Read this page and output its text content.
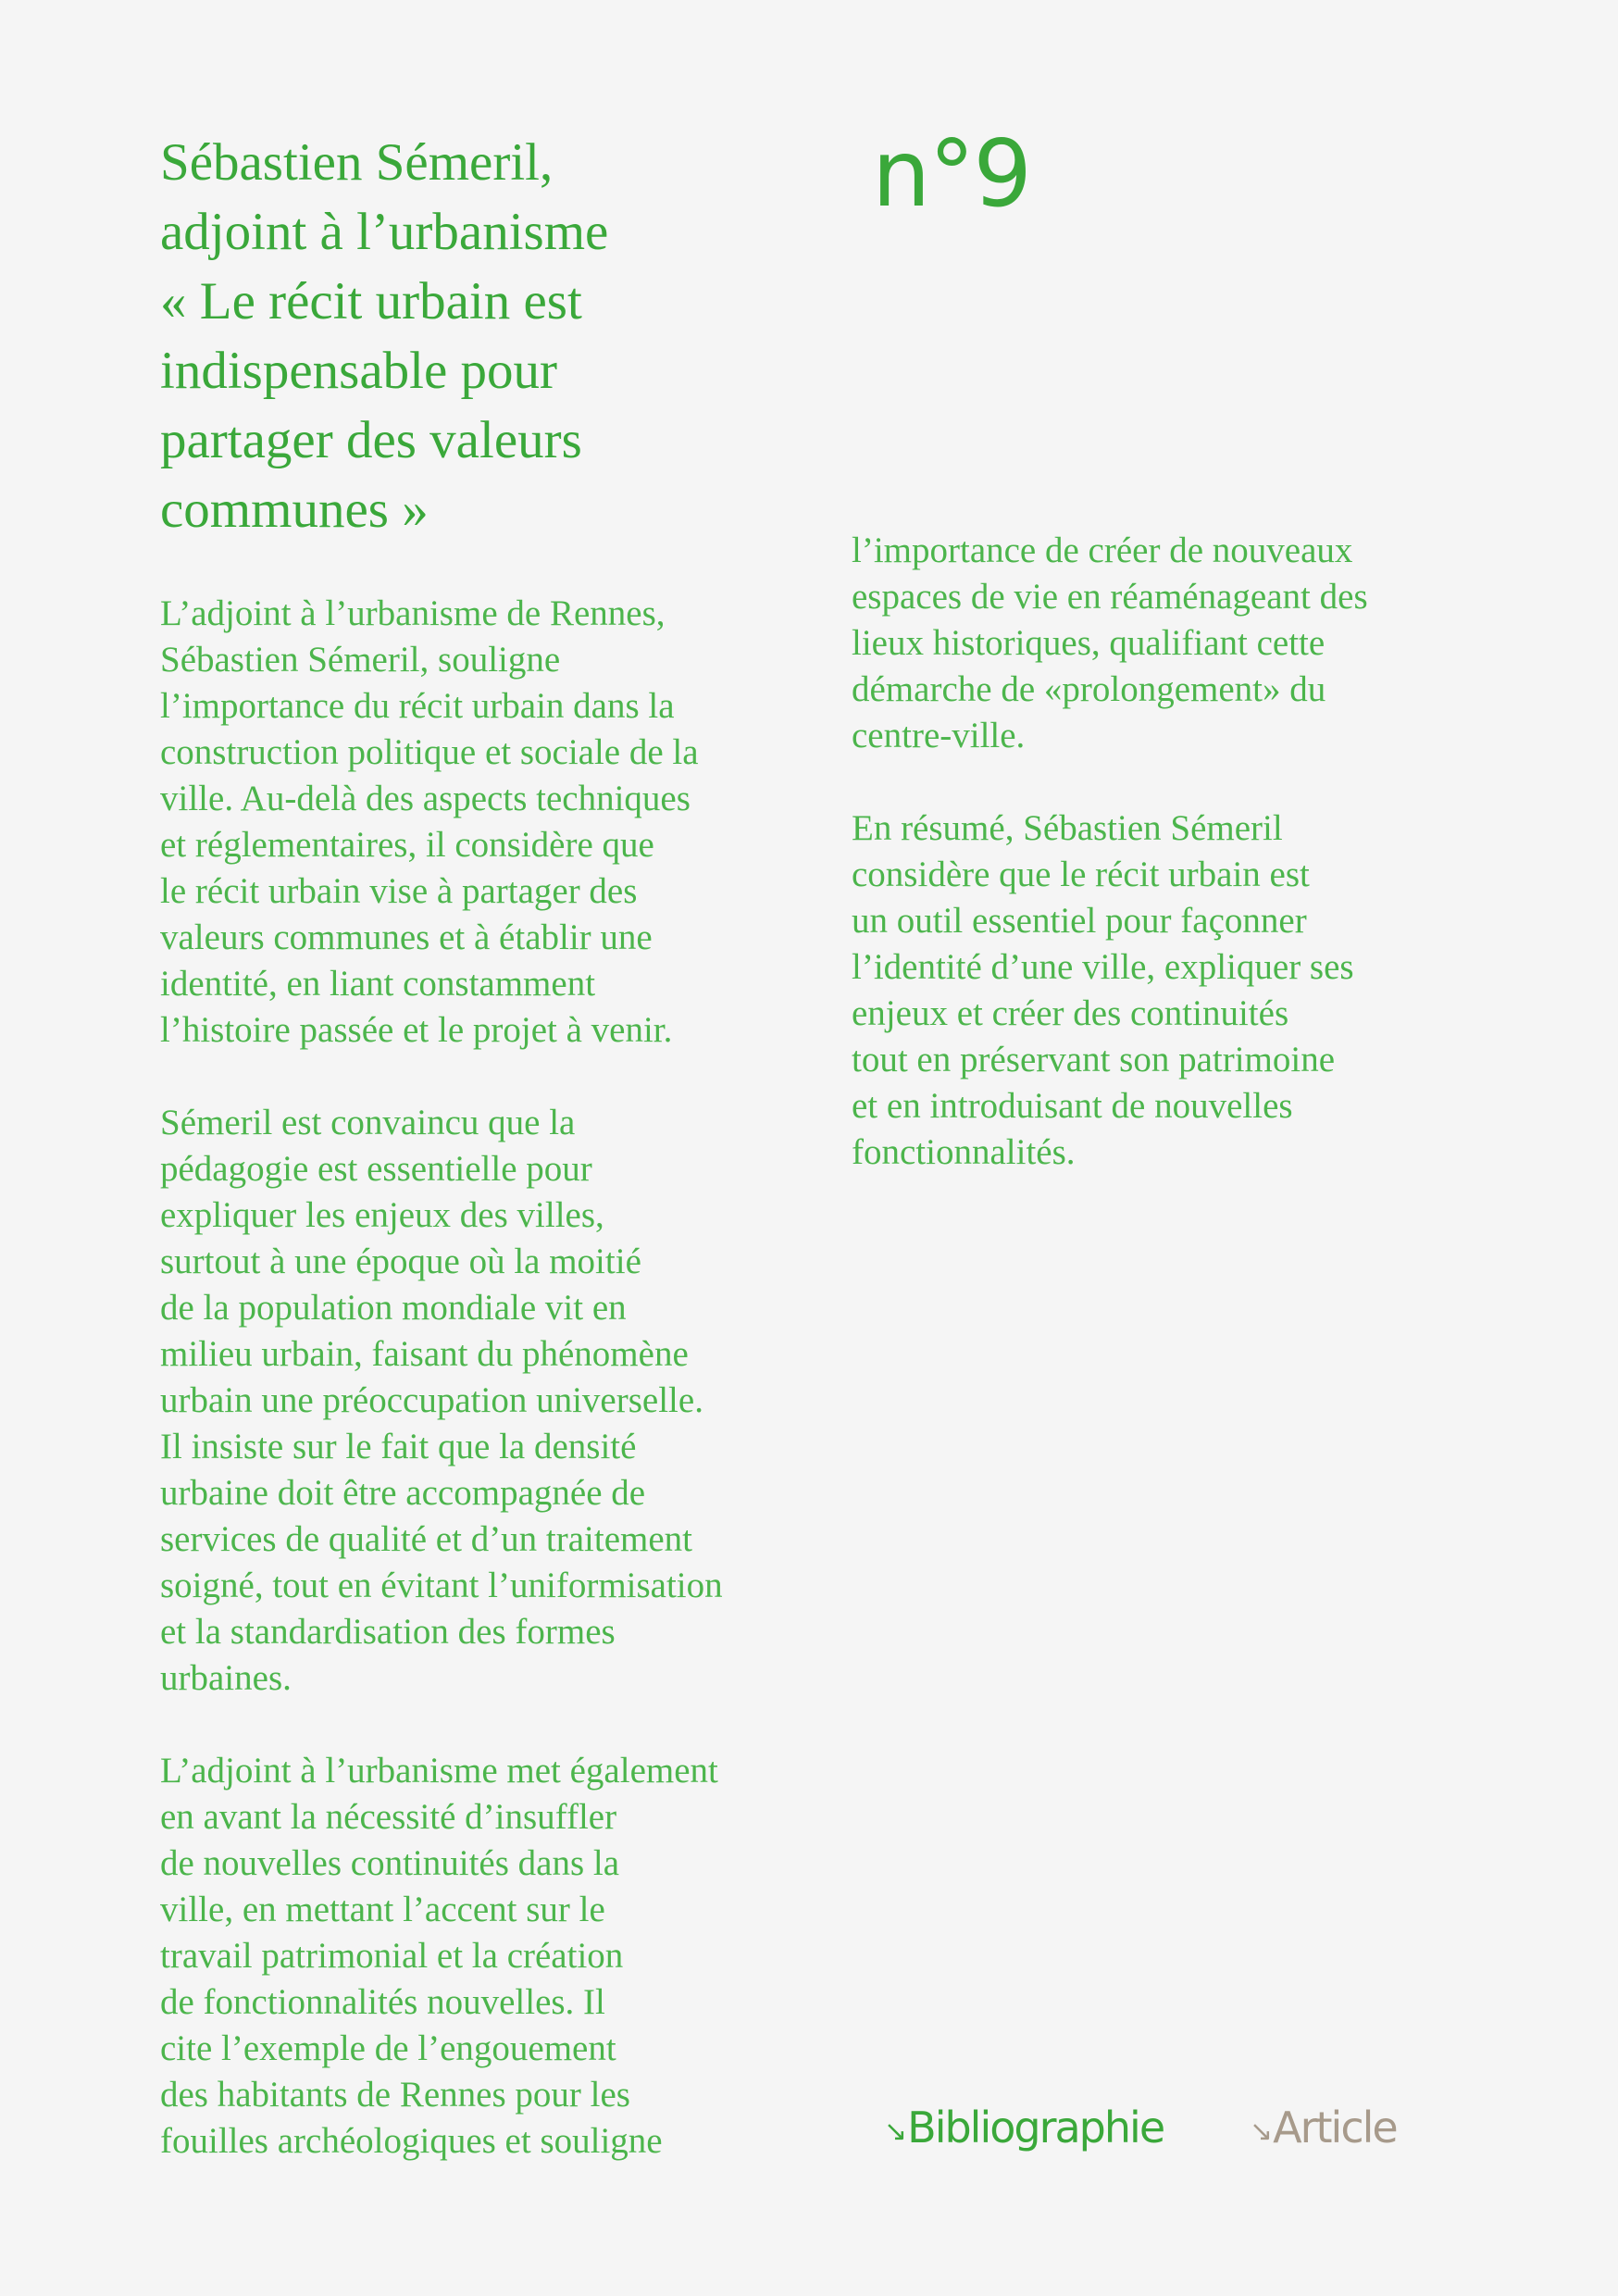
Sébastien Sémeril,
adjoint à l’urbanisme
« Le récit urbain est
indispensable pour
partager des valeurs
communes »
n°9

L’adjoint à l’urbanisme de Rennes,
Sébastien Sémeril, souligne
l’importance du récit urbain dans la
construction politique et sociale de la
ville. Au-delà des aspects techniques
et réglementaires, il considère que
le récit urbain vise à partager des
valeurs communes et à établir une
identité, en liant constamment
l’histoire passée et le projet à venir.

Sémeril est convaincu que la
pédagogie est essentielle pour
expliquer les enjeux des villes,
surtout à une époque où la moitié
de la population mondiale vit en
milieu urbain, faisant du phénomène
urbain une préoccupation universelle.
Il insiste sur le fait que la densité
urbaine doit être accompagnée de
services de qualité et d’un traitement
soigné, tout en évitant l’uniformisation
et la standardisation des formes
urbaines.

L’adjoint à l’urbanisme met également
en avant la nécessité d’insuffler
de nouvelles continuités dans la
ville, en mettant l’accent sur le
travail patrimonial et la création
de fonctionnalités nouvelles. Il
cite l’exemple de l’engouement
des habitants de Rennes pour les
fouilles archéologiques et souligne

l’importance de créer de nouveaux
espaces de vie en réaménageant des
lieux historiques, qualifiant cette
démarche de «prolongement» du
centre-ville.

En résumé, Sébastien Sémeril
considère que le récit urbain est
un outil essentiel pour façonner
l’identité d’une ville, expliquer ses
enjeux et créer des continuités
tout en préservant son patrimoine
et en introduisant de nouvelles
fonctionnalités.

↘Bibliographie	↘Article
